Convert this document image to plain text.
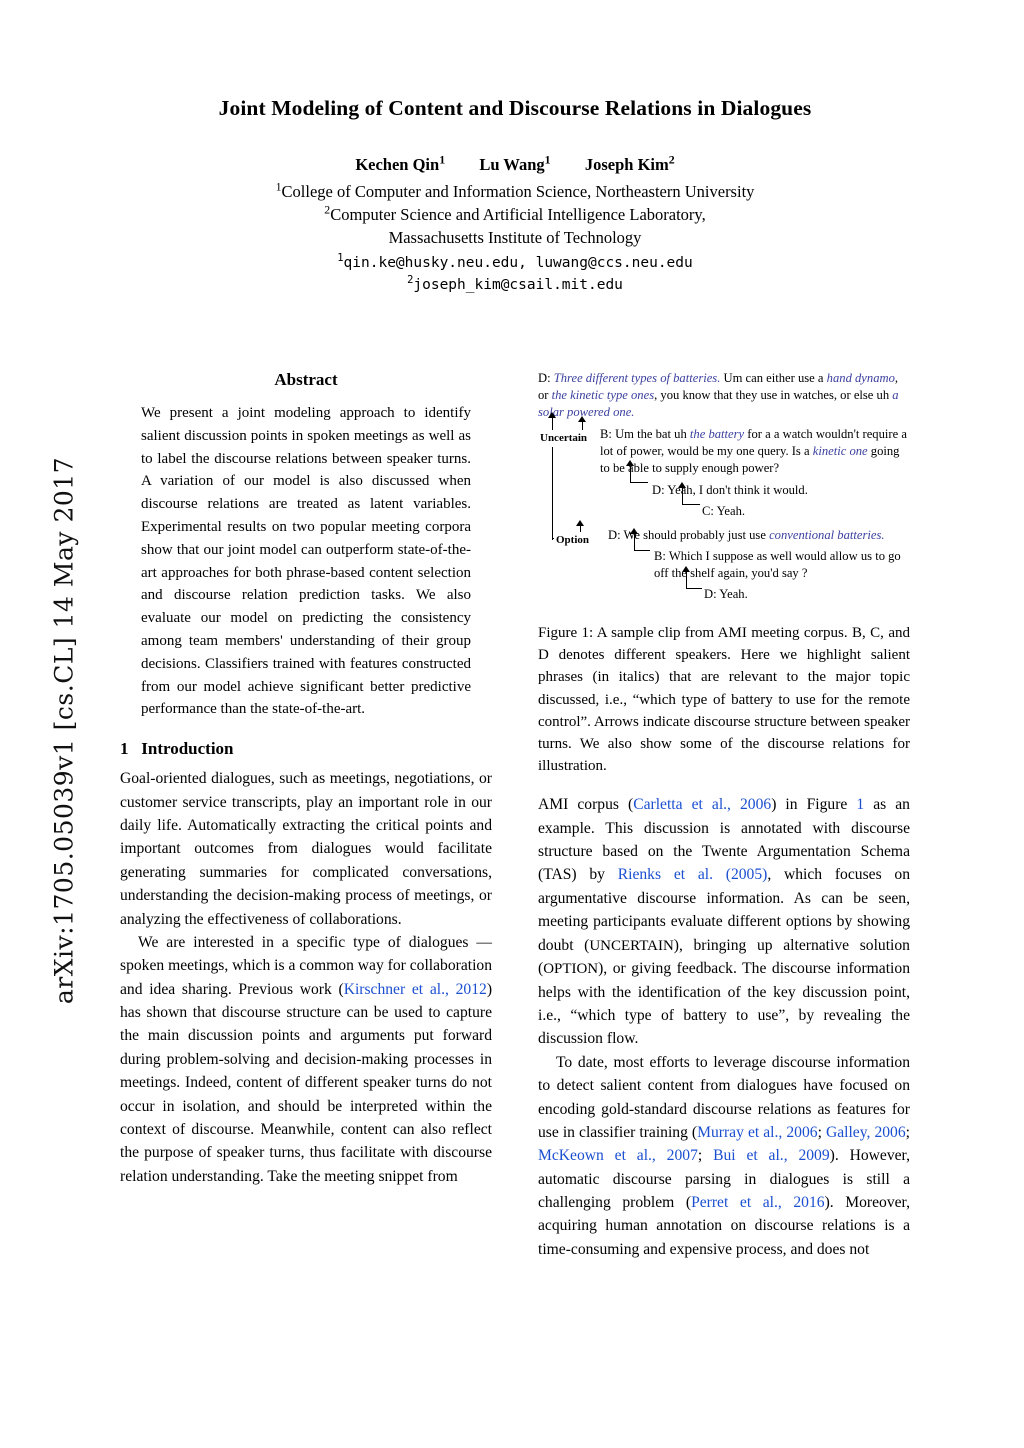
arXiv:1705.05039v1 [cs.CL] 14 May 2017
Joint Modeling of Content and Discourse Relations in Dialogues
Kechen Qin$^1$ Lu Wang$^1$ Joseph Kim$^2$
$^1$College of Computer and Information Science, Northeastern University
$^2$Computer Science and Artificial Intelligence Laboratory,
Massachusetts Institute of Technology
$^1$qin.ke@husky.neu.edu, luwang@ccs.neu.edu
$^2$joseph_kim@csail.mit.edu
Abstract
We present a joint modeling approach to identify salient discussion points in spoken meetings as well as to label the discourse relations between speaker turns. A variation of our model is also discussed when discourse relations are treated as latent variables. Experimental results on two popular meeting corpora show that our joint model can outperform state-of-the-art approaches for both phrase-based content selection and discourse relation prediction tasks. We also evaluate our model on predicting the consistency among team members' understanding of their group decisions. Classifiers trained with features constructed from our model achieve significant better predictive performance than the state-of-the-art.
1 Introduction

Goal-oriented dialogues, such as meetings, negotiations, or customer service transcripts, play an important role in our daily life. Automatically extracting the critical points and important outcomes from dialogues would facilitate generating summaries for complicated conversations, understanding the decision-making process of meetings, or analyzing the effectiveness of collaborations.

We are interested in a specific type of dialogues — spoken meetings, which is a common way for collaboration and idea sharing. Previous work (Kirschner et al., 2012) has shown that discourse structure can be used to capture the main discussion points and arguments put forward during problem-solving and decision-making processes in meetings. Indeed, content of different speaker turns do not occur in isolation, and should be interpreted within the context of discourse. Meanwhile, content can also reflect the purpose of speaker turns, thus facilitate with discourse relation understanding. Take the meeting snippet from

D: Three different types of batteries. Um can either use a hand dynamo, or the kinetic type ones, you know that they use in watches, or else uh a solar powered one.
B: Um the bat uh the battery for a a watch wouldn't require a lot of power, would be my one query. Is a kinetic one going to be able to supply enough power?
D: Yeah, I don't think it would.
C: Yeah.
D: We should probably just use conventional batteries.
B: Which I suppose as well would allow us to go off the shelf again, you'd say ?
D: Yeah.
Uncertain
Option
Figure 1: A sample clip from AMI meeting corpus. B, C, and D denotes different speakers. Here we highlight salient phrases (in italics) that are relevant to the major topic discussed, i.e., “which type of battery to use for the remote control”. Arrows indicate discourse structure between speaker turns. We also show some of the discourse relations for illustration.

AMI corpus (Carletta et al., 2006) in Figure 1 as an example. This discussion is annotated with discourse structure based on the Twente Argumentation Schema (TAS) by Rienks et al. (2005), which focuses on argumentative discourse information. As can be seen, meeting participants evaluate different options by showing doubt (UNCERTAIN), bringing up alternative solution (OPTION), or giving feedback. The discourse information helps with the identification of the key discussion point, i.e., “which type of battery to use”, by revealing the discussion flow.

To date, most efforts to leverage discourse information to detect salient content from dialogues have focused on encoding gold-standard discourse relations as features for use in classifier training (Murray et al., 2006; Galley, 2006; McKeown et al., 2007; Bui et al., 2009). However, automatic discourse parsing in dialogues is still a challenging problem (Perret et al., 2016). Moreover, acquiring human annotation on discourse relations is a time-consuming and expensive process, and does not
